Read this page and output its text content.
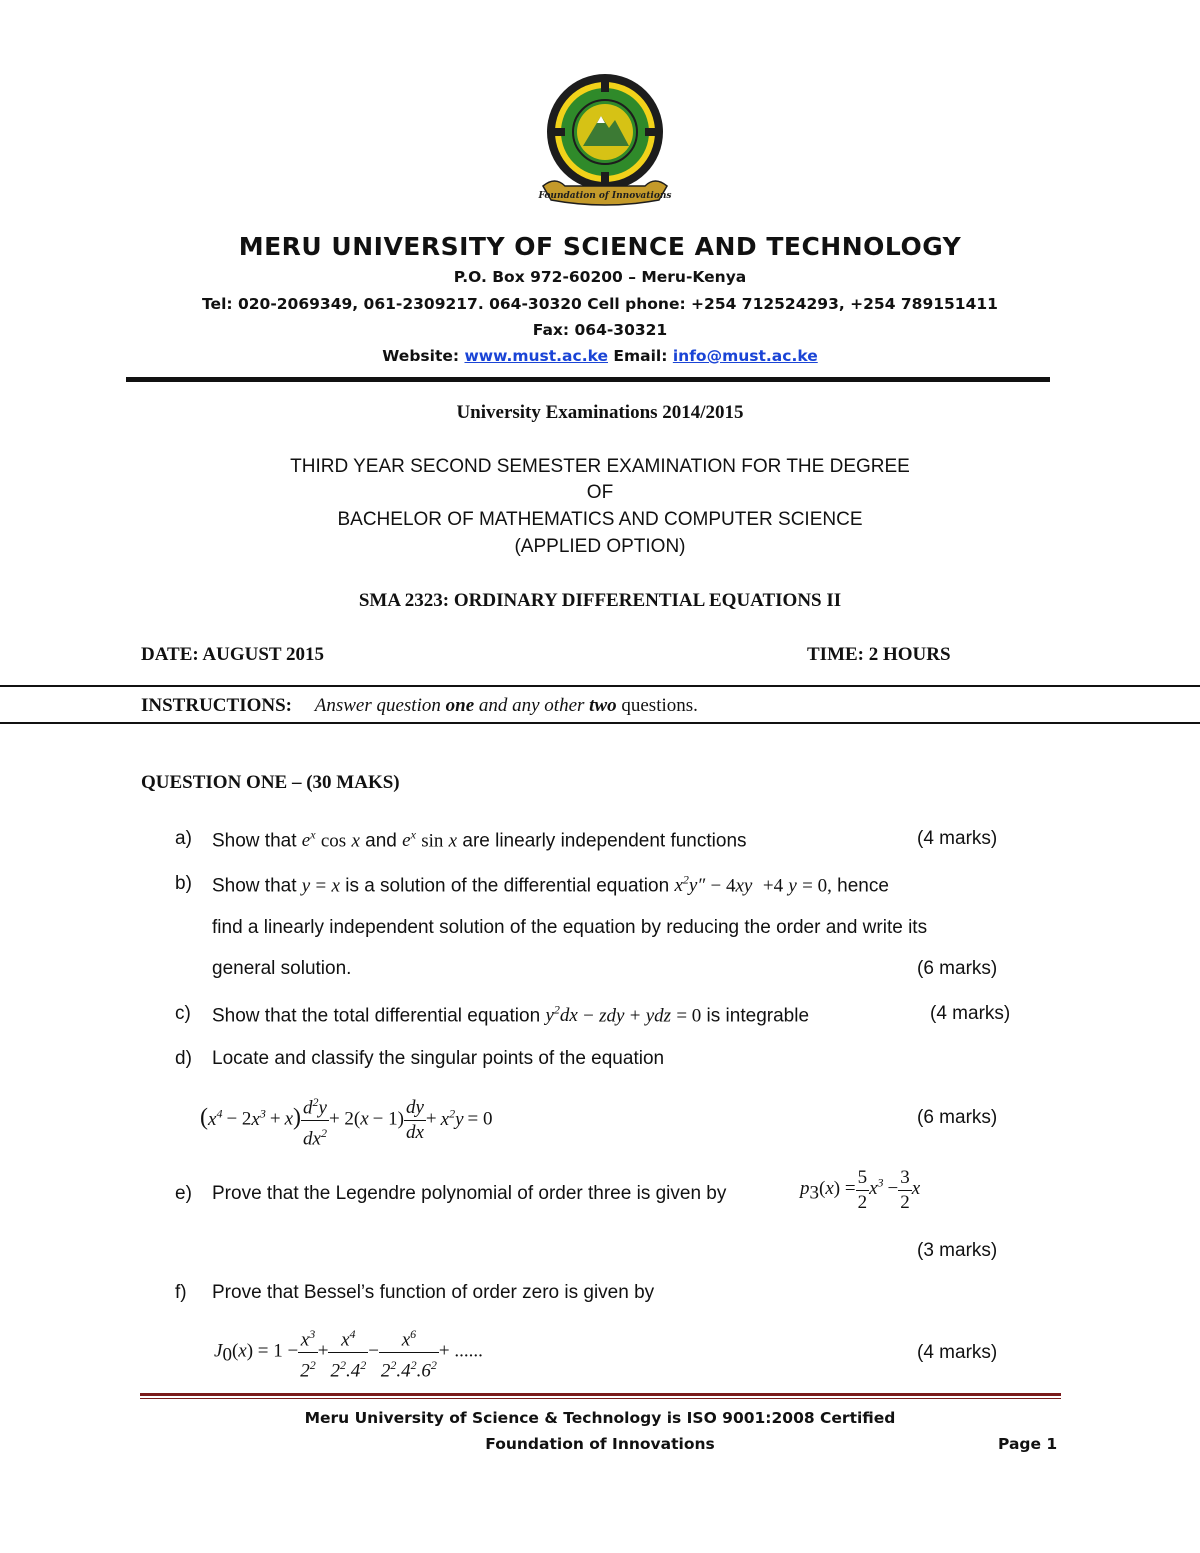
Foundation of Innovations
MERU UNIVERSITY OF SCIENCE AND TECHNOLOGY
P.O. Box 972-60200 – Meru-Kenya
Tel: 020-2069349, 061-2309217. 064-30320 Cell phone: +254 712524293, +254 789151411
Fax: 064-30321
Website: www.must.ac.ke Email: info@must.ac.ke
University Examinations 2014/2015
THIRD YEAR SECOND SEMESTER EXAMINATION FOR THE DEGREE
OF
BACHELOR OF MATHEMATICS AND COMPUTER SCIENCE
(APPLIED OPTION)
SMA 2323: ORDINARY DIFFERENTIAL EQUATIONS II
DATE: AUGUST 2015	TIME: 2 HOURS
INSTRUCTIONS: Answer question one and any other two questions.
QUESTION ONE – (30 MAKS)
a) Show that $e^x$ cos x and $e^x$ sin x are linearly independent functions	(4 marks)
b) Show that y = x is a solution of the differential equation $x^2y'' - 4xy +4$ y = 0, hence
find a linearly independent solution of the equation by reducing the order and write its
general solution.	(6 marks)
c) Show that the total differential equation $y^2dx$ − zdy + ydz = 0 is integrable	(4 marks)
d) Locate and classify the singular points of the equation
$(x^4 - 2x^3 + x) \frac{d^2y}{dx^2} + 2(x - 1) \frac{dy}{dx} + x^2y = 0$	(6 marks)
e) Prove that the Legendre polynomial of order three is given by	$p_3(x) = \frac{5}{2} x^3 - \frac{3}{2}$ x
(3 marks)
f) Prove that Bessel’s function of order zero is given by
$J_0(x) = 1 - \frac{x^3}{2^2} + \frac{x^4}{2^2.4^2} - \frac{x^6}{2^2.4^2.6^2}$ + ......	(4 marks)
Meru University of Science & Technology is ISO 9001:2008 Certified
Foundation of Innovations	Page 1
